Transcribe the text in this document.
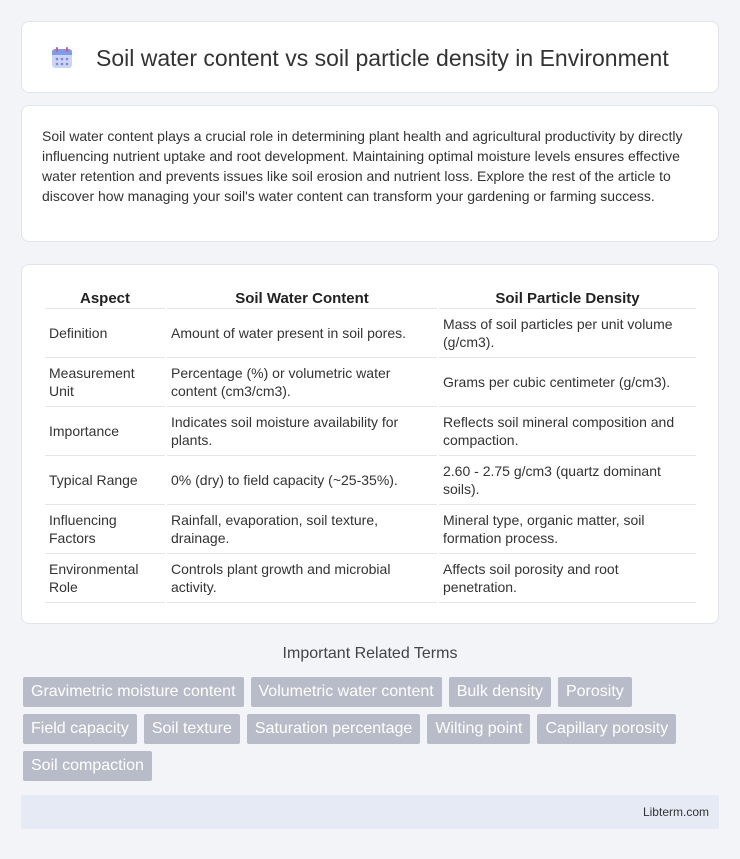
Soil water content vs soil particle density in Environment

Soil water content plays a crucial role in determining plant health and agricultural productivity by directly influencing nutrient uptake and root development. Maintaining optimal moisture levels ensures effective water retention and prevents issues like soil erosion and nutrient loss. Explore the rest of the article to discover how managing your soil's water content can transform your gardening or farming success.

Aspect	Soil Water Content	Soil Particle Density
Definition	Amount of water present in soil pores.	Mass of soil particles per unit volume (g/cm3).
Measurement Unit	Percentage (%) or volumetric water content (cm3/cm3).	Grams per cubic centimeter (g/cm3).
Importance	Indicates soil moisture availability for plants.	Reflects soil mineral composition and compaction.
Typical Range	0% (dry) to field capacity (~25-35%).	2.60 - 2.75 g/cm3 (quartz dominant soils).
Influencing Factors	Rainfall, evaporation, soil texture, drainage.	Mineral type, organic matter, soil formation process.
Environmental Role	Controls plant growth and microbial activity.	Affects soil porosity and root penetration.
Important Related Terms
Gravimetric moisture content	Volumetric water content	Bulk density	Porosity
Field capacity	Soil texture	Saturation percentage	Wilting point	Capillary porosity
Soil compaction
Libterm.com
